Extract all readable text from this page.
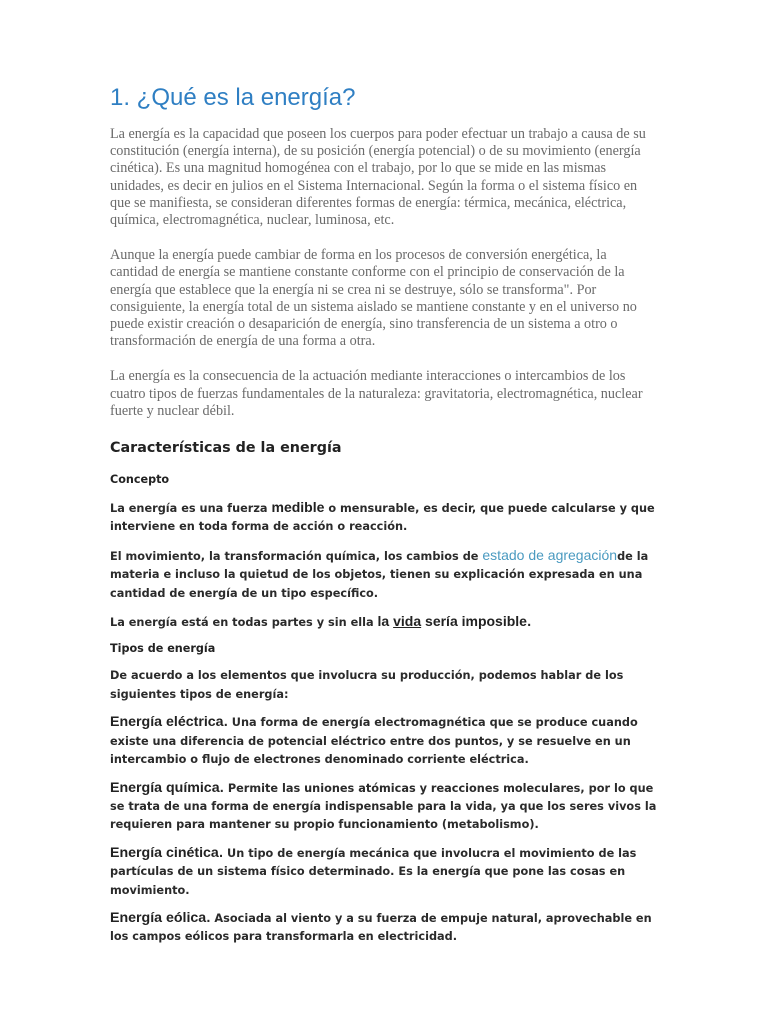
1. ¿Qué es la energía?

La energía es la capacidad que poseen los cuerpos para poder efectuar un trabajo a causa de su constitución (energía interna), de su posición (energía potencial) o de su movimiento (energía cinética). Es una magnitud homogénea con el trabajo, por lo que se mide en las mismas unidades, es decir en julios en el Sistema Internacional. Según la forma o el sistema físico en que se manifiesta, se consideran diferentes formas de energía: térmica, mecánica, eléctrica, química, electromagnética, nuclear, luminosa, etc.

Aunque la energía puede cambiar de forma en los procesos de conversión energética, la cantidad de energía se mantiene constante conforme con el principio de conservación de la energía que establece que la energía ni se crea ni se destruye, sólo se transforma". Por consiguiente, la energía total de un sistema aislado se mantiene constante y en el universo no puede existir creación o desaparición de energía, sino transferencia de un sistema a otro o transformación de energía de una forma a otra.

La energía es la consecuencia de la actuación mediante interacciones o intercambios de los cuatro tipos de fuerzas fundamentales de la naturaleza: gravitatoria, electromagnética, nuclear fuerte y nuclear débil.

Características de la energía
Concepto

La energía es una fuerza medible o mensurable, es decir, que puede calcularse y que interviene en toda forma de acción o reacción.

El movimiento, la transformación química, los cambios de estado de agregaciónde la materia e incluso la quietud de los objetos, tienen su explicación expresada en una cantidad de energía de un tipo específico.

La energía está en todas partes y sin ella la vida sería imposible.

Tipos de energía

De acuerdo a los elementos que involucra su producción, podemos hablar de los siguientes tipos de energía:

Energía eléctrica. Una forma de energía electromagnética que se produce cuando existe una diferencia de potencial eléctrico entre dos puntos, y se resuelve en un intercambio o flujo de electrones denominado corriente eléctrica.

Energía química. Permite las uniones atómicas y reacciones moleculares, por lo que se trata de una forma de energía indispensable para la vida, ya que los seres vivos la requieren para mantener su propio funcionamiento (metabolismo).

Energía cinética. Un tipo de energía mecánica que involucra el movimiento de las partículas de un sistema físico determinado. Es la energía que pone las cosas en movimiento.

Energía eólica. Asociada al viento y a su fuerza de empuje natural, aprovechable en los campos eólicos para transformarla en electricidad.
